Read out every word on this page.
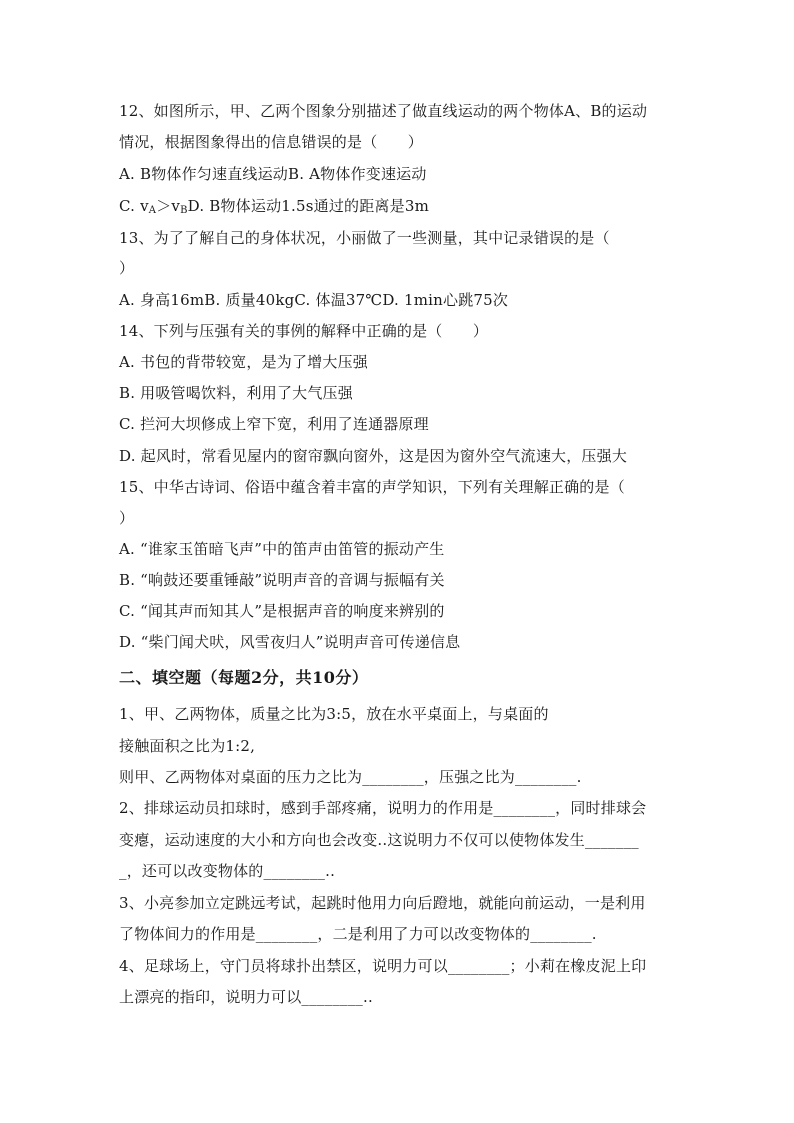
12、如图所示，甲、乙两个图象分别描述了做直线运动的两个物体A、B的运动
情况，根据图象得出的信息错误的是（　　）
A. B物体作匀速直线运动B. A物体作变速运动
C. $v_A>v_BD$. B物体运动1.5s通过的距离是3m
13、为了了解自己的身体状况，小丽做了一些测量，其中记录错误的是（
）
A. 身高16mB. 质量40kgC. 体温37℃D. 1min心跳75次
14、下列与压强有关的事例的解释中正确的是（　　）
A. 书包的背带较宽，是为了增大压强
B. 用吸管喝饮料，利用了大气压强
C. 拦河大坝修成上窄下宽，利用了连通器原理
D. 起风时，常看见屋内的窗帘飘向窗外，这是因为窗外空气流速大，压强大
15、中华古诗词、俗语中蕴含着丰富的声学知识，下列有关理解正确的是（
）
A. “谁家玉笛暗飞声”中的笛声由笛管的振动产生
B. “响鼓还要重锤敲”说明声音的音调与振幅有关
C. “闻其声而知其人”是根据声音的响度来辨别的
D. “柴门闻犬吠，风雪夜归人”说明声音可传递信息
二、填空题（每题2分，共10分）
1、甲、乙两物体，质量之比为3:5，放在水平桌面上，与桌面的
接触面积之比为1:2,
则甲、乙两物体对桌面的压力之比为________，压强之比为________.
2、排球运动员扣球时，感到手部疼痛，说明力的作用是________，同时排球会
变瘪，运动速度的大小和方向也会改变..这说明力不仅可以使物体发生_______
_，还可以改变物体的________..
3、小亮参加立定跳远考试，起跳时他用力向后蹬地，就能向前运动，一是利用
了物体间力的作用是________，二是利用了力可以改变物体的________.
4、足球场上，守门员将球扑出禁区，说明力可以________；小莉在橡皮泥上印
上漂亮的指印，说明力可以________..
